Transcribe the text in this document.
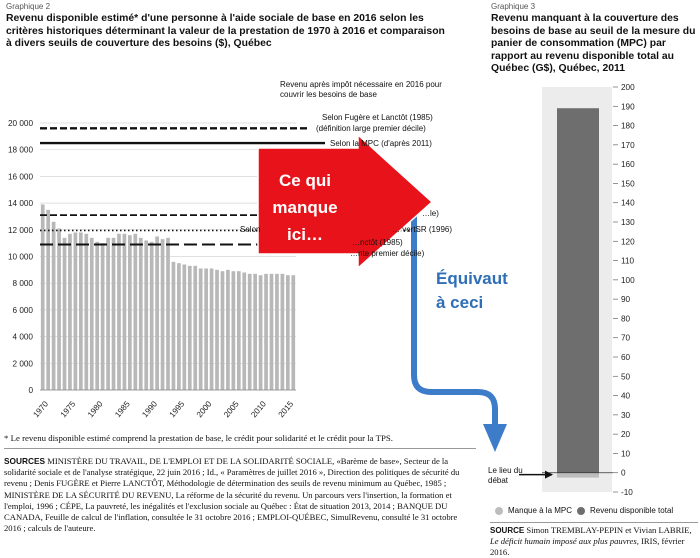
Graphique 2
Revenu disponible estimé* d'une personne à l'aide sociale de base en 2016 selon les critères historiques déterminant la valeur de la prestation de 1970 à 2016 et comparaison à divers seuils de couverture des besoins ($), Québec
Revenu après impôt nécessaire en 2016 pour couvrir les besoins de base
0
2 000
4 000
6 000
8 000
10 000
12 000
14 000
16 000
18 000
20 000
1970 1975 1980 1985 1990 1995 2000 2005 2010 2015
-10
0
10
20
30
40
50
60
70
80
90
100
110
120
130
140
150
160
170
180
190
200
Ce qui
manque
ici…
Équivaut
à ceci
Selon Fugère et Lanctôt (1985)
(définition large premier décile)
Selon la MPC (d'après 2011)
…le)
Selon	… vertSR (1996)
…nctôt (1985)
…nte premier décile)
* Le revenu disponible estimé comprend la prestation de base, le crédit pour solidarité et le crédit pour la TPS.
SOURCES MINISTÈRE DU TRAVAIL, DE L'EMPLOI ET DE LA SOLIDARITÉ SOCIALE, «Barème de base», Secteur de la solidarité sociale et de l'analyse stratégique, 22 juin 2016 ; Id., « Paramètres de juillet 2016 », Direction des politiques de sécurité du revenu ; Denis FUGÈRE et Pierre LANCTÔT, Méthodologie de détermination des seuils de revenu minimum au Québec, 1985 ; MINISTÈRE DE LA SÉCURITÉ DU REVENU, La réforme de la sécurité du revenu. Un parcours vers l'insertion, la formation et l'emploi, 1996 ; CÉPE, La pauvreté, les inégalités et l'exclusion sociale au Québec : État de situation 2013, 2014 ; BANQUE DU CANADA, Feuille de calcul de l'inflation, consultée le 31 octobre 2016 ; EMPLOI-QUÉBEC, SimulRevenu, consulté le 31 octobre 2016 ; calculs de l'auteure.
Graphique 3
Revenu manquant à la couverture des besoins de base au seuil de la mesure du panier de consommation (MPC) par rapport au revenu disponible total au Québec (G$), Québec, 2011
Le lieu du
débat
Manque à la MPC Revenu disponible total
SOURCE Simon TREMBLAY-PEPIN et Vivian LABRIE, Le déficit humain imposé aux plus pauvres, IRIS, février 2016.
